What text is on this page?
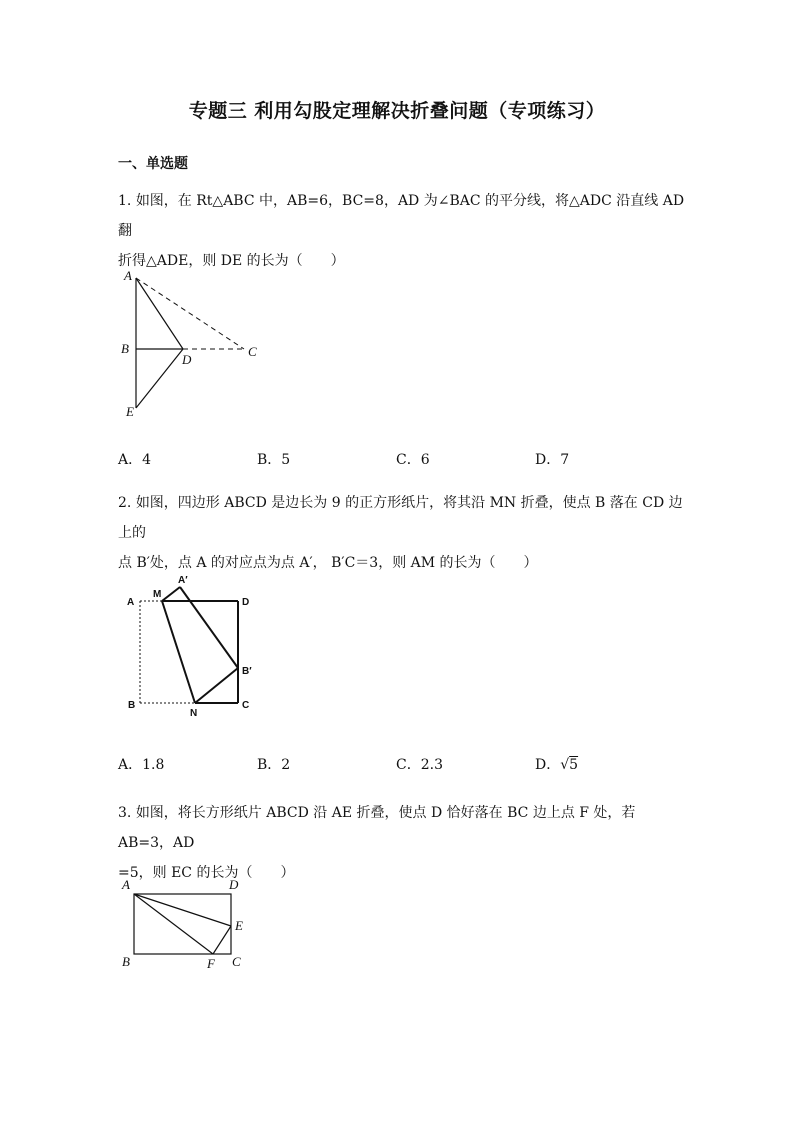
专题三 利用勾股定理解决折叠问题（专项练习）
一、单选题
1. 如图，在 Rt△ABC 中，AB=6，BC=8，AD 为∠BAC 的平分线，将△ADC 沿直线 AD 翻
折得△ADE，则 DE 的长为（　　）
A
B
D
C
E
A．4	B．5	C．6	D．7
2. 如图，四边形 ABCD 是边长为 9 的正方形纸片，将其沿 MN 折叠，使点 B 落在 CD 边上的
点 B′处，点 A 的对应点为点 A′， B′C＝3，则 AM 的长为（　　）
A
M
A′
D
B′
B
N
C
A．1.8	B．2	C．2.3	D．√5
3. 如图，将长方形纸片 ABCD 沿 AE 折叠，使点 D 恰好落在 BC 边上点 F 处，若 AB=3，AD
=5，则 EC 的长为（　　）
A	D
E
B	F C
